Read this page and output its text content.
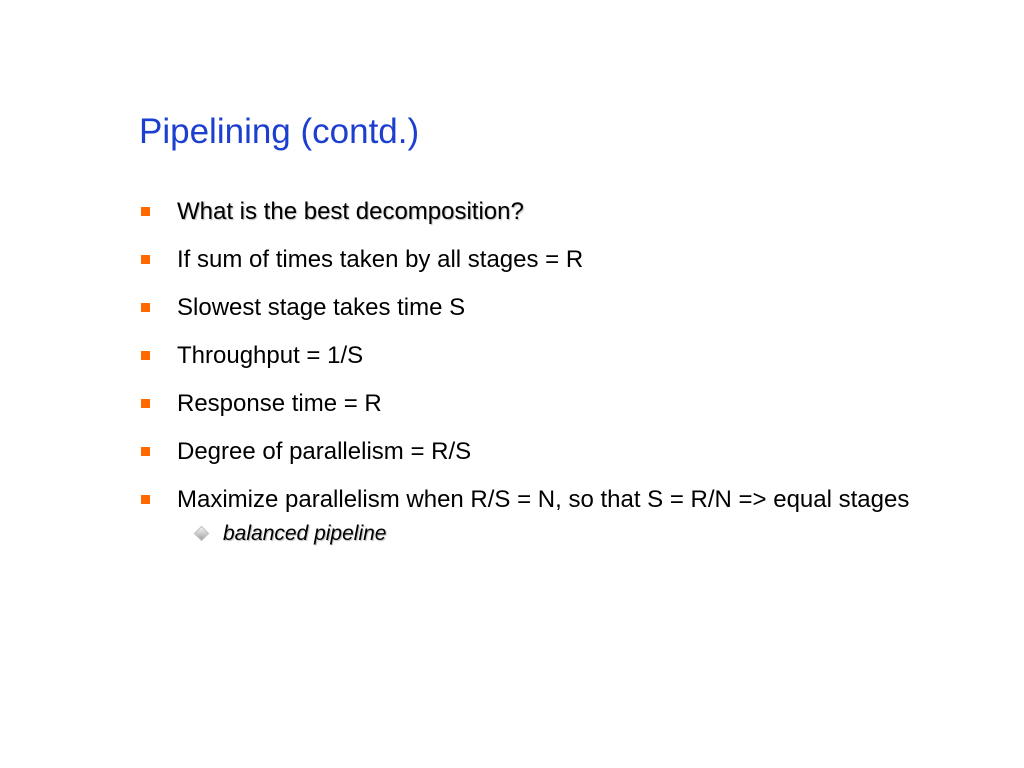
Pipelining (contd.)
What is the best decomposition?
If sum of times taken by all stages = R
Slowest stage takes time S
Throughput = 1/S
Response time = R
Degree of parallelism = R/S
Maximize parallelism when R/S = N, so that S = R/N => equal stages
balanced pipeline
